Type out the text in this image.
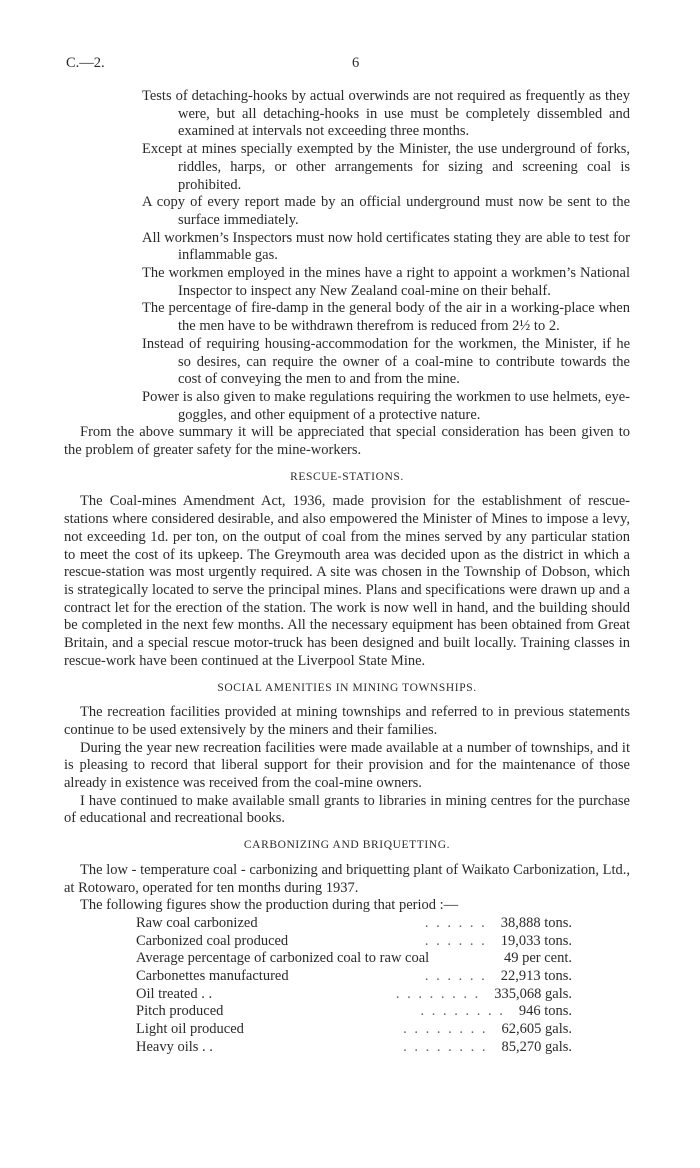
C.—2.	6

Tests of detaching-hooks by actual overwinds are not required as frequently as they were, but all detaching-hooks in use must be completely dissembled and examined at intervals not exceeding three months.

Except at mines specially exempted by the Minister, the use underground of forks, riddles, harps, or other arrangements for sizing and screening coal is prohibited.

A copy of every report made by an official underground must now be sent to the surface immediately.

All workmen’s Inspectors must now hold certificates stating they are able to test for inflammable gas.

The workmen employed in the mines have a right to appoint a workmen’s National Inspector to inspect any New Zealand coal-mine on their behalf.

The percentage of fire-damp in the general body of the air in a working-place when the men have to be withdrawn therefrom is reduced from 2½ to 2.

Instead of requiring housing-accommodation for the workmen, the Minister, if he so desires, can require the owner of a coal-mine to contribute towards the cost of conveying the men to and from the mine.

Power is also given to make regulations requiring the workmen to use helmets, eye-goggles, and other equipment of a protective nature.

From the above summary it will be appreciated that special consideration has been given to the problem of greater safety for the mine-workers.

RESCUE-STATIONS.

The Coal-mines Amendment Act, 1936, made provision for the establishment of rescue-stations where considered desirable, and also empowered the Minister of Mines to impose a levy, not exceeding 1d. per ton, on the output of coal from the mines served by any particular station to meet the cost of its upkeep. The Greymouth area was decided upon as the district in which a rescue-station was most urgently required. A site was chosen in the Township of Dobson, which is strategically located to serve the principal mines. Plans and specifications were drawn up and a contract let for the erection of the station. The work is now well in hand, and the building should be completed in the next few months. All the necessary equipment has been obtained from Great Britain, and a special rescue motor-truck has been designed and built locally. Training classes in rescue-work have been continued at the Liverpool State Mine.

SOCIAL AMENITIES IN MINING TOWNSHIPS.

The recreation facilities provided at mining townships and referred to in previous statements continue to be used extensively by the miners and their families.

During the year new recreation facilities were made available at a number of townships, and it is pleasing to record that liberal support for their provision and for the maintenance of those already in existence was received from the coal-mine owners.

I have continued to make available small grants to libraries in mining centres for the purchase of educational and recreational books.

CARBONIZING AND BRIQUETTING.

The low - temperature coal - carbonizing and briquetting plant of Waikato Carbonization, Ltd., at Rotowaro, operated for ten months during 1937.

The following figures show the production during that period :—

Raw coal carbonized	. . . . . . 38,888 tons.
Carbonized coal produced	. . . . . . 19,033 tons.
Average percentage of carbonized coal to raw coal	49 per cent.
Carbonettes manufactured	. . . . . . 22,913 tons.
Oil treated . .	. . . . . . . . 335,068 gals.
Pitch produced	. . . . . . . . 946 tons.
Light oil produced	. . . . . . . . 62,605 gals.
Heavy oils . .	. . . . . . . . 85,270 gals.
